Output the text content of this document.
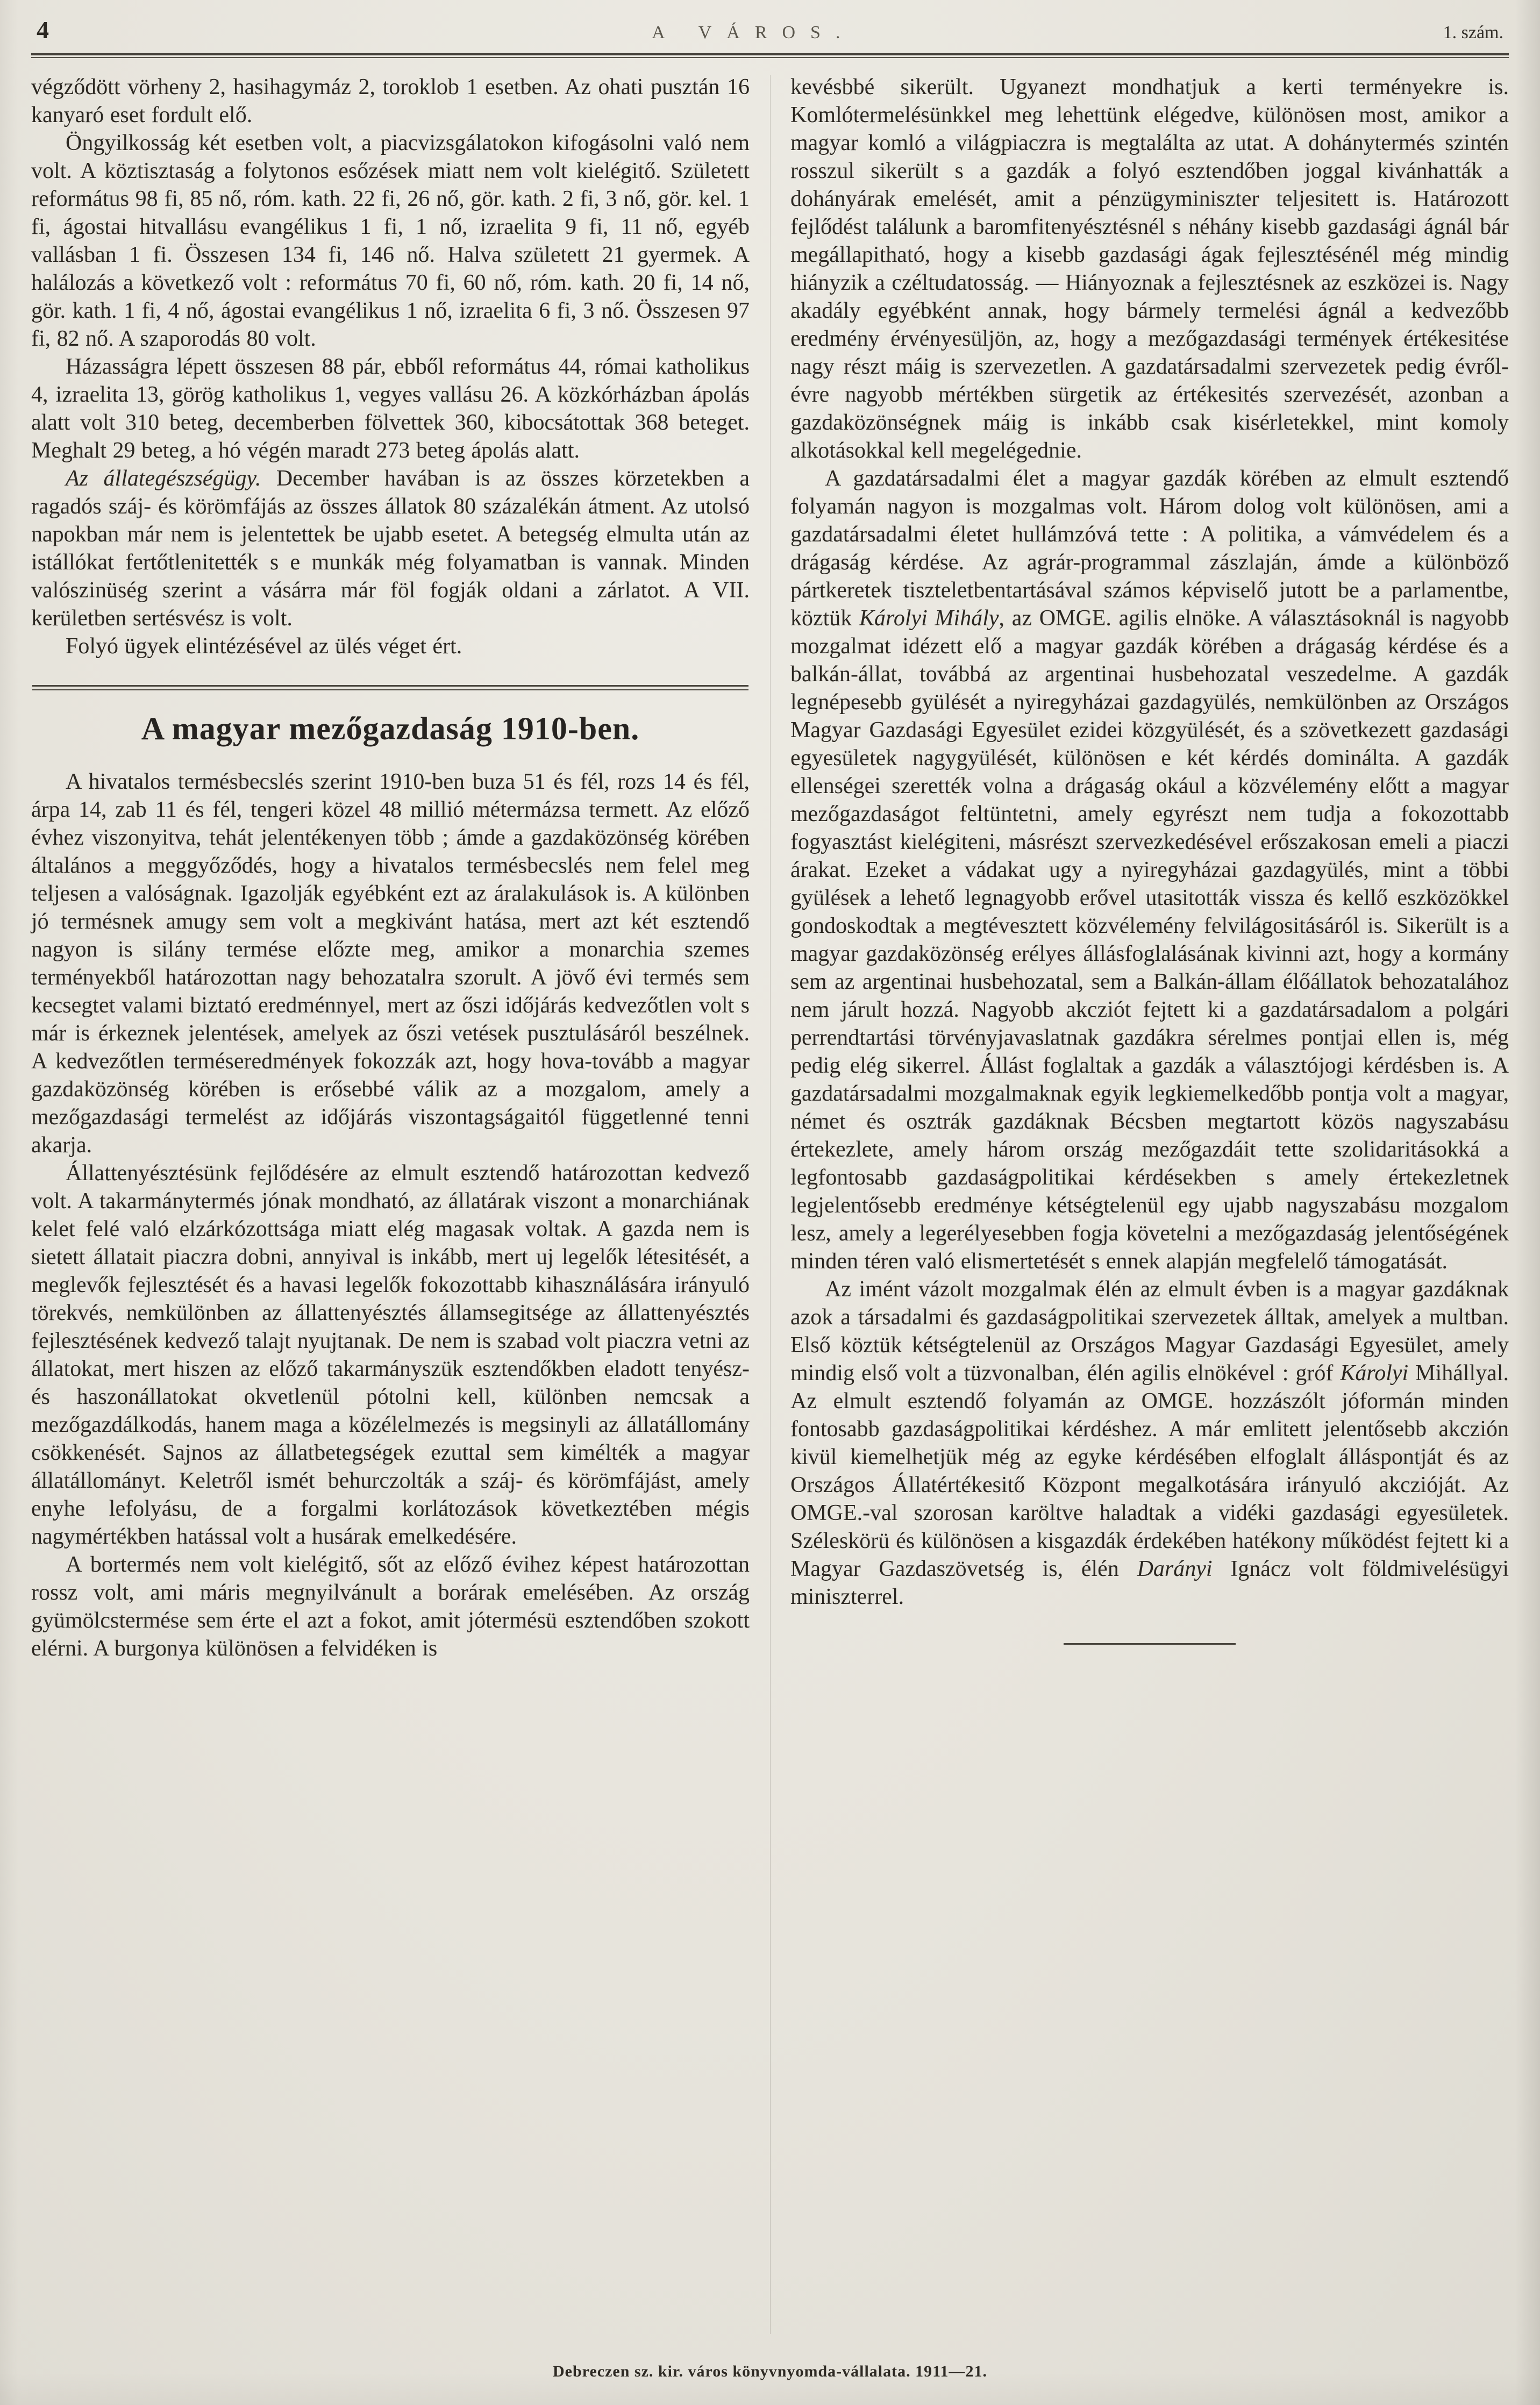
4	A VÁROS.	1. szám.

végződött vörheny 2, hasihagymáz 2, toroklob 1 esetben. Az ohati pusztán 16 kanyaró eset fordult elő.

Öngyilkosság két esetben volt, a piacvizsgálatokon kifogásolni való nem volt. A köztisztaság a folytonos esőzések miatt nem volt kielégitő. Született református 98 fi, 85 nő, róm. kath. 22 fi, 26 nő, gör. kath. 2 fi, 3 nő, gör. kel. 1 fi, ágostai hitvallásu evangélikus 1 fi, 1 nő, izraelita 9 fi, 11 nő, egyéb vallásban 1 fi. Összesen 134 fi, 146 nő. Halva született 21 gyermek. A halálozás a következő volt : református 70 fi, 60 nő, róm. kath. 20 fi, 14 nő, gör. kath. 1 fi, 4 nő, ágostai evangélikus 1 nő, izraelita 6 fi, 3 nő. Összesen 97 fi, 82 nő. A szaporodás 80 volt.

Házasságra lépett összesen 88 pár, ebből református 44, római katholikus 4, izraelita 13, görög katholikus 1, vegyes vallásu 26. A közkórházban ápolás alatt volt 310 beteg, decemberben fölvettek 360, kibocsátottak 368 beteget. Meghalt 29 beteg, a hó végén maradt 273 beteg ápolás alatt.

Az állategészségügy. December havában is az összes körzetekben a ragadós száj- és körömfájás az összes állatok 80 százalékán átment. Az utolsó napokban már nem is jelentettek be ujabb esetet. A betegség elmulta után az istállókat fertőtlenitették s e munkák még folyamatban is vannak. Minden valószinüség szerint a vásárra már föl fogják oldani a zárlatot. A VII. kerületben sertésvész is volt.

Folyó ügyek elintézésével az ülés véget ért.

A magyar mezőgazdaság 1910-ben.

A hivatalos termésbecslés szerint 1910-ben buza 51 és fél, rozs 14 és fél, árpa 14, zab 11 és fél, tengeri közel 48 millió métermázsa termett. Az előző évhez viszonyitva, tehát jelentékenyen több ; ámde a gazdaközönség körében általános a meggyőződés, hogy a hivatalos termésbecslés nem felel meg teljesen a valóságnak. Igazolják egyébként ezt az áralakulások is. A különben jó termésnek amugy sem volt a megkivánt hatása, mert azt két esztendő nagyon is silány termése előzte meg, amikor a monarchia szemes terményekből határozottan nagy behozatalra szorult. A jövő évi termés sem kecsegtet valami biztató eredménnyel, mert az őszi időjárás kedvezőtlen volt s már is érkeznek jelentések, amelyek az őszi vetések pusztulásáról beszélnek. A kedvezőtlen terméseredmények fokozzák azt, hogy hova-tovább a magyar gazdaközönség körében is erősebbé válik az a mozgalom, amely a mezőgazdasági termelést az időjárás viszontagságaitól függetlenné tenni akarja.

Állattenyésztésünk fejlődésére az elmult esztendő határozottan kedvező volt. A takarmánytermés jónak mondható, az állatárak viszont a monarchiának kelet felé való elzárkózottsága miatt elég magasak voltak. A gazda nem is sietett állatait piaczra dobni, annyival is inkább, mert uj legelők létesitését, a meglevők fejlesztését és a havasi legelők fokozottabb kihasználására irányuló törekvés, nemkülönben az állattenyésztés államsegitsége az állattenyésztés fejlesztésének kedvező talajt nyujtanak. De nem is szabad volt piaczra vetni az állatokat, mert hiszen az előző takarmányszük esztendőkben eladott tenyész- és haszonállatokat okvetlenül pótolni kell, különben nemcsak a mezőgazdálkodás, hanem maga a közélelmezés is megsinyli az állatállomány csökkenését. Sajnos az állatbetegségek ezuttal sem kimélték a magyar állatállományt. Keletről ismét behurczolták a száj- és körömfájást, amely enyhe lefolyásu, de a forgalmi korlátozások következtében mégis nagymértékben hatással volt a husárak emelkedésére.

A bortermés nem volt kielégitő, sőt az előző évihez képest határozottan rossz volt, ami máris megnyilvánult a borárak emelésében. Az ország gyümölcstermése sem érte el azt a fokot, amit jótermésü esztendőben szokott elérni. A burgonya különösen a felvidéken is

kevésbbé sikerült. Ugyanezt mondhatjuk a kerti terményekre is. Komlótermelésünkkel meg lehettünk elégedve, különösen most, amikor a magyar komló a világpiaczra is megtalálta az utat. A dohánytermés szintén rosszul sikerült s a gazdák a folyó esztendőben joggal kivánhatták a dohányárak emelését, amit a pénzügyminiszter teljesitett is. Határozott fejlődést találunk a baromfitenyésztésnél s néhány kisebb gazdasági ágnál bár megállapitható, hogy a kisebb gazdasági ágak fejlesztésénél még mindig hiányzik a czéltudatosság. — Hiányoznak a fejlesztésnek az eszközei is. Nagy akadály egyébként annak, hogy bármely termelési ágnál a kedvezőbb eredmény érvényesüljön, az, hogy a mezőgazdasági termények értékesitése nagy részt máig is szervezetlen. A gazdatársadalmi szervezetek pedig évről-évre nagyobb mértékben sürgetik az értékesités szervezését, azonban a gazdaközönségnek máig is inkább csak kisérletekkel, mint komoly alkotásokkal kell megelégednie.

A gazdatársadalmi élet a magyar gazdák körében az elmult esztendő folyamán nagyon is mozgalmas volt. Három dolog volt különösen, ami a gazdatársadalmi életet hullámzóvá tette : A politika, a vámvédelem és a drágaság kérdése. Az agrár-programmal zászlaján, ámde a különböző pártkeretek tiszteletbentartásával számos képviselő jutott be a parlamentbe, köztük Károlyi Mihály, az OMGE. agilis elnöke. A választásoknál is nagyobb mozgalmat idézett elő a magyar gazdák körében a drágaság kérdése és a balkán-állat, továbbá az argentinai husbehozatal veszedelme. A gazdák legnépesebb gyülését a nyiregyházai gazdagyülés, nemkülönben az Országos Magyar Gazdasági Egyesület ezidei közgyülését, és a szövetkezett gazdasági egyesületek nagygyülését, különösen e két kérdés dominálta. A gazdák ellenségei szerették volna a drágaság okául a közvélemény előtt a magyar mezőgazdaságot feltüntetni, amely egyrészt nem tudja a fokozottabb fogyasztást kielégiteni, másrészt szervezkedésével erőszakosan emeli a piaczi árakat. Ezeket a vádakat ugy a nyiregyházai gazdagyülés, mint a többi gyülések a lehető legnagyobb erővel utasitották vissza és kellő eszközökkel gondoskodtak a megtévesztett közvélemény felvilágositásáról is. Sikerült is a magyar gazdaközönség erélyes állásfoglalásának kivinni azt, hogy a kormány sem az argentinai husbehozatal, sem a Balkán-állam élőállatok behozatalához nem járult hozzá. Nagyobb akcziót fejtett ki a gazdatársadalom a polgári perrendtartási törvényjavaslatnak gazdákra sérelmes pontjai ellen is, még pedig elég sikerrel. Állást foglaltak a gazdák a választójogi kérdésben is. A gazdatársadalmi mozgalmaknak egyik legkiemelkedőbb pontja volt a magyar, német és osztrák gazdáknak Bécsben megtartott közös nagyszabásu értekezlete, amely három ország mezőgazdáit tette szolidaritásokká a legfontosabb gazdaságpolitikai kérdésekben s amely értekezletnek legjelentősebb eredménye kétségtelenül egy ujabb nagyszabásu mozgalom lesz, amely a legerélyesebben fogja követelni a mezőgazdaság jelentőségének minden téren való elismertetését s ennek alapján megfelelő támogatását.

Az imént vázolt mozgalmak élén az elmult évben is a magyar gazdáknak azok a társadalmi és gazdaságpolitikai szervezetek álltak, amelyek a multban. Első köztük kétségtelenül az Országos Magyar Gazdasági Egyesület, amely mindig első volt a tüzvonalban, élén agilis elnökével : gróf Károlyi Mihállyal. Az elmult esztendő folyamán az OMGE. hozzászólt jóformán minden fontosabb gazdaságpolitikai kérdéshez. A már emlitett jelentősebb akczión kivül kiemelhetjük még az egyke kérdésében elfoglalt álláspontját és az Országos Állatértékesitő Központ megalkotására irányuló akczióját. Az OMGE.-val szorosan karöltve haladtak a vidéki gazdasági egyesületek. Széleskörü és különösen a kisgazdák érdekében hatékony működést fejtett ki a Magyar Gazdaszövetség is, élén Darányi Ignácz volt földmivelésügyi miniszterrel.

Debreczen sz. kir. város könyvnyomda-vállalata. 1911—21.
